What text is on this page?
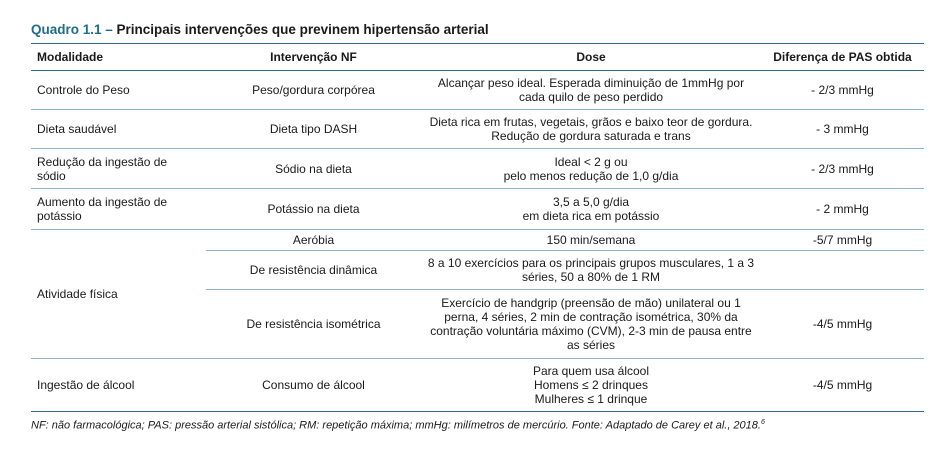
Quadro 1.1 – Principais intervenções que previnem hipertensão arterial
Modalidade	Intervenção NF	Dose	Diferença de PAS obtida

Controle do Peso	Peso/gordura corpórea	Alcançar peso ideal. Esperada diminuição de 1mmHg por
cada quilo de peso perdido	- 2/3 mmHg

Dieta saudável	Dieta tipo DASH	Dieta rica em frutas, vegetais, grãos e baixo teor de gordura.
Redução de gordura saturada e trans	- 3 mmHg

Redução da ingestão de
sódio	Sódio na dieta	Ideal < 2 g ou
pelo menos redução de 1,0 g/dia	- 2/3 mmHg

Aumento da ingestão de
potássio	Potássio na dieta	3,5 a 5,0 g/dia
em dieta rica em potássio	- 2 mmHg

Atividade física	Aeróbia	150 min/semana	-5/7 mmHg

	De resistência dinâmica	8 a 10 exercícios para os principais grupos musculares, 1 a 3
séries, 50 a 80% de 1 RM	

	De resistência isométrica	Exercício de handgrip (preensão de mão) unilateral ou 1
perna, 4 séries, 2 min de contração isométrica, 30% da
contração voluntária máximo (CVM), 2-3 min de pausa entre
as séries	-4/5 mmHg

Ingestão de álcool	Consumo de álcool	Para quem usa álcool
Homens ≤ 2 drinques
Mulheres ≤ 1 drinque	-4/5 mmHg
NF: não farmacológica; PAS: pressão arterial sistólica; RM: repetição máxima; mmHg: milímetros de mercúrio. Fonte: Adaptado de Carey et al., 2018.$^6$
